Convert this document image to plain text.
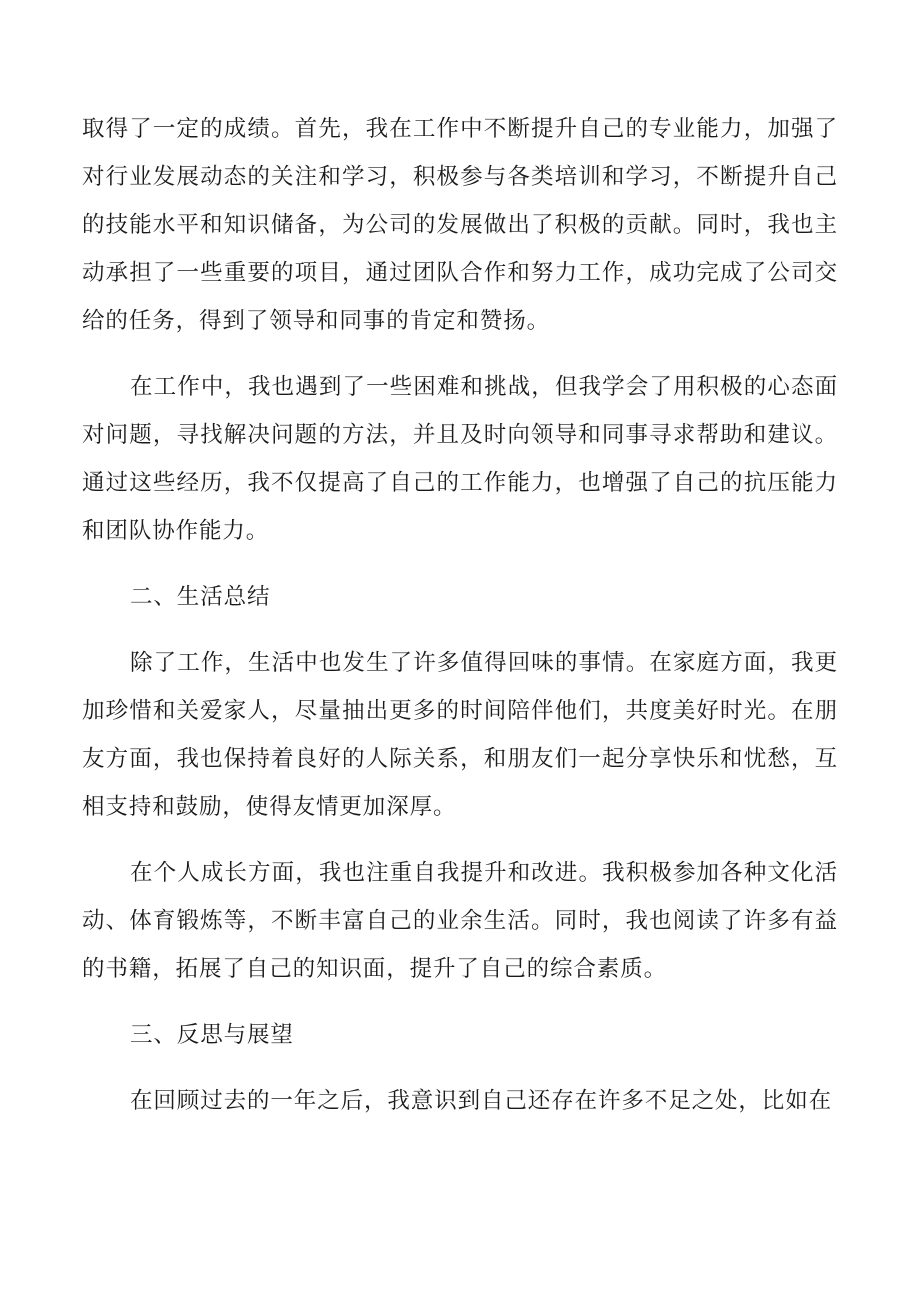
取得了一定的成绩。首先，我在工作中不断提升自己的专业能力，加强了对行业发展动态的关注和学习，积极参与各类培训和学习，不断提升自己的技能水平和知识储备，为公司的发展做出了积极的贡献。同时，我也主动承担了一些重要的项目，通过团队合作和努力工作，成功完成了公司交给的任务，得到了领导和同事的肯定和赞扬。

在工作中，我也遇到了一些困难和挑战，但我学会了用积极的心态面对问题，寻找解决问题的方法，并且及时向领导和同事寻求帮助和建议。通过这些经历，我不仅提高了自己的工作能力，也增强了自己的抗压能力和团队协作能力。

二、生活总结

除了工作，生活中也发生了许多值得回味的事情。在家庭方面，我更加珍惜和关爱家人，尽量抽出更多的时间陪伴他们，共度美好时光。在朋友方面，我也保持着良好的人际关系，和朋友们一起分享快乐和忧愁，互相支持和鼓励，使得友情更加深厚。

在个人成长方面，我也注重自我提升和改进。我积极参加各种文化活动、体育锻炼等，不断丰富自己的业余生活。同时，我也阅读了许多有益的书籍，拓展了自己的知识面，提升了自己的综合素质。

三、反思与展望

在回顾过去的一年之后，我意识到自己还存在许多不足之处，比如在
